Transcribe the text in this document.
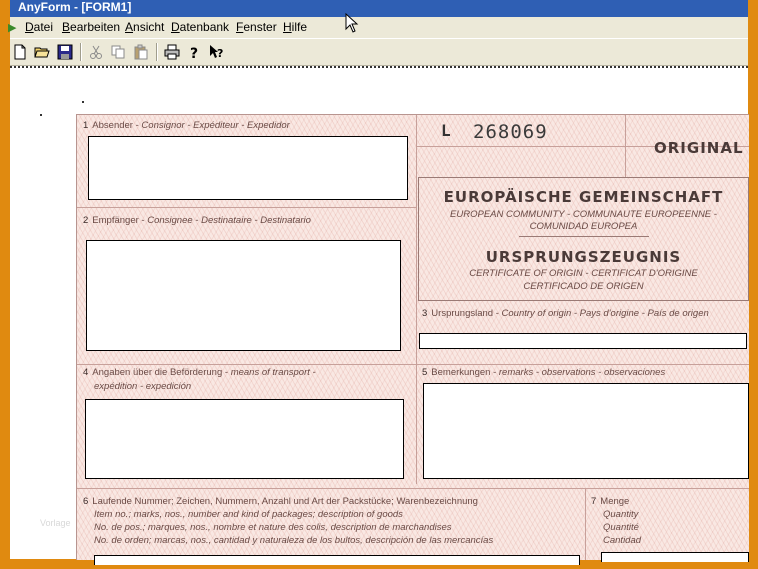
AnyForm - [FORM1]
▶ Datei Bearbeiten Ansicht Datenbank Fenster Hilfe
? ?
1 Absender - Consignor - Expéditeur - Expedidor
2 Empfänger - Consignee - Destinataire - Destinatario
L 268069
ORIGINAL
EUROPÄISCHE GEMEINSCHAFT
EUROPEAN COMMUNITY - COMMUNAUTE EUROPEENNE -
COMUNIDAD EUROPEA
URSPRUNGSZEUGNIS
CERTIFICATE OF ORIGIN - CERTIFICAT D'ORIGINE
CERTIFICADO DE ORIGEN
3 Ursprungsland - Country of origin - Pays d'origine - País de origen
4 Angaben über die Beförderung - means of transport -
expédition - expedición
5 Bemerkungen - remarks - observations - observaciones
6 Laufende Nummer; Zeichen, Nummern, Anzahl und Art der Packstücke; Warenbezeichnung
Item no.; marks, nos., number and kind of packages; description of goods
No. de pos.; marques, nos., nombre et nature des colis, description de marchandises
No. de orden; marcas, nos., cantidad y naturaleza de los bultos, descripción de las mercancías
7 Menge
Quantity
Quantité
Cantidad
Vorlage
